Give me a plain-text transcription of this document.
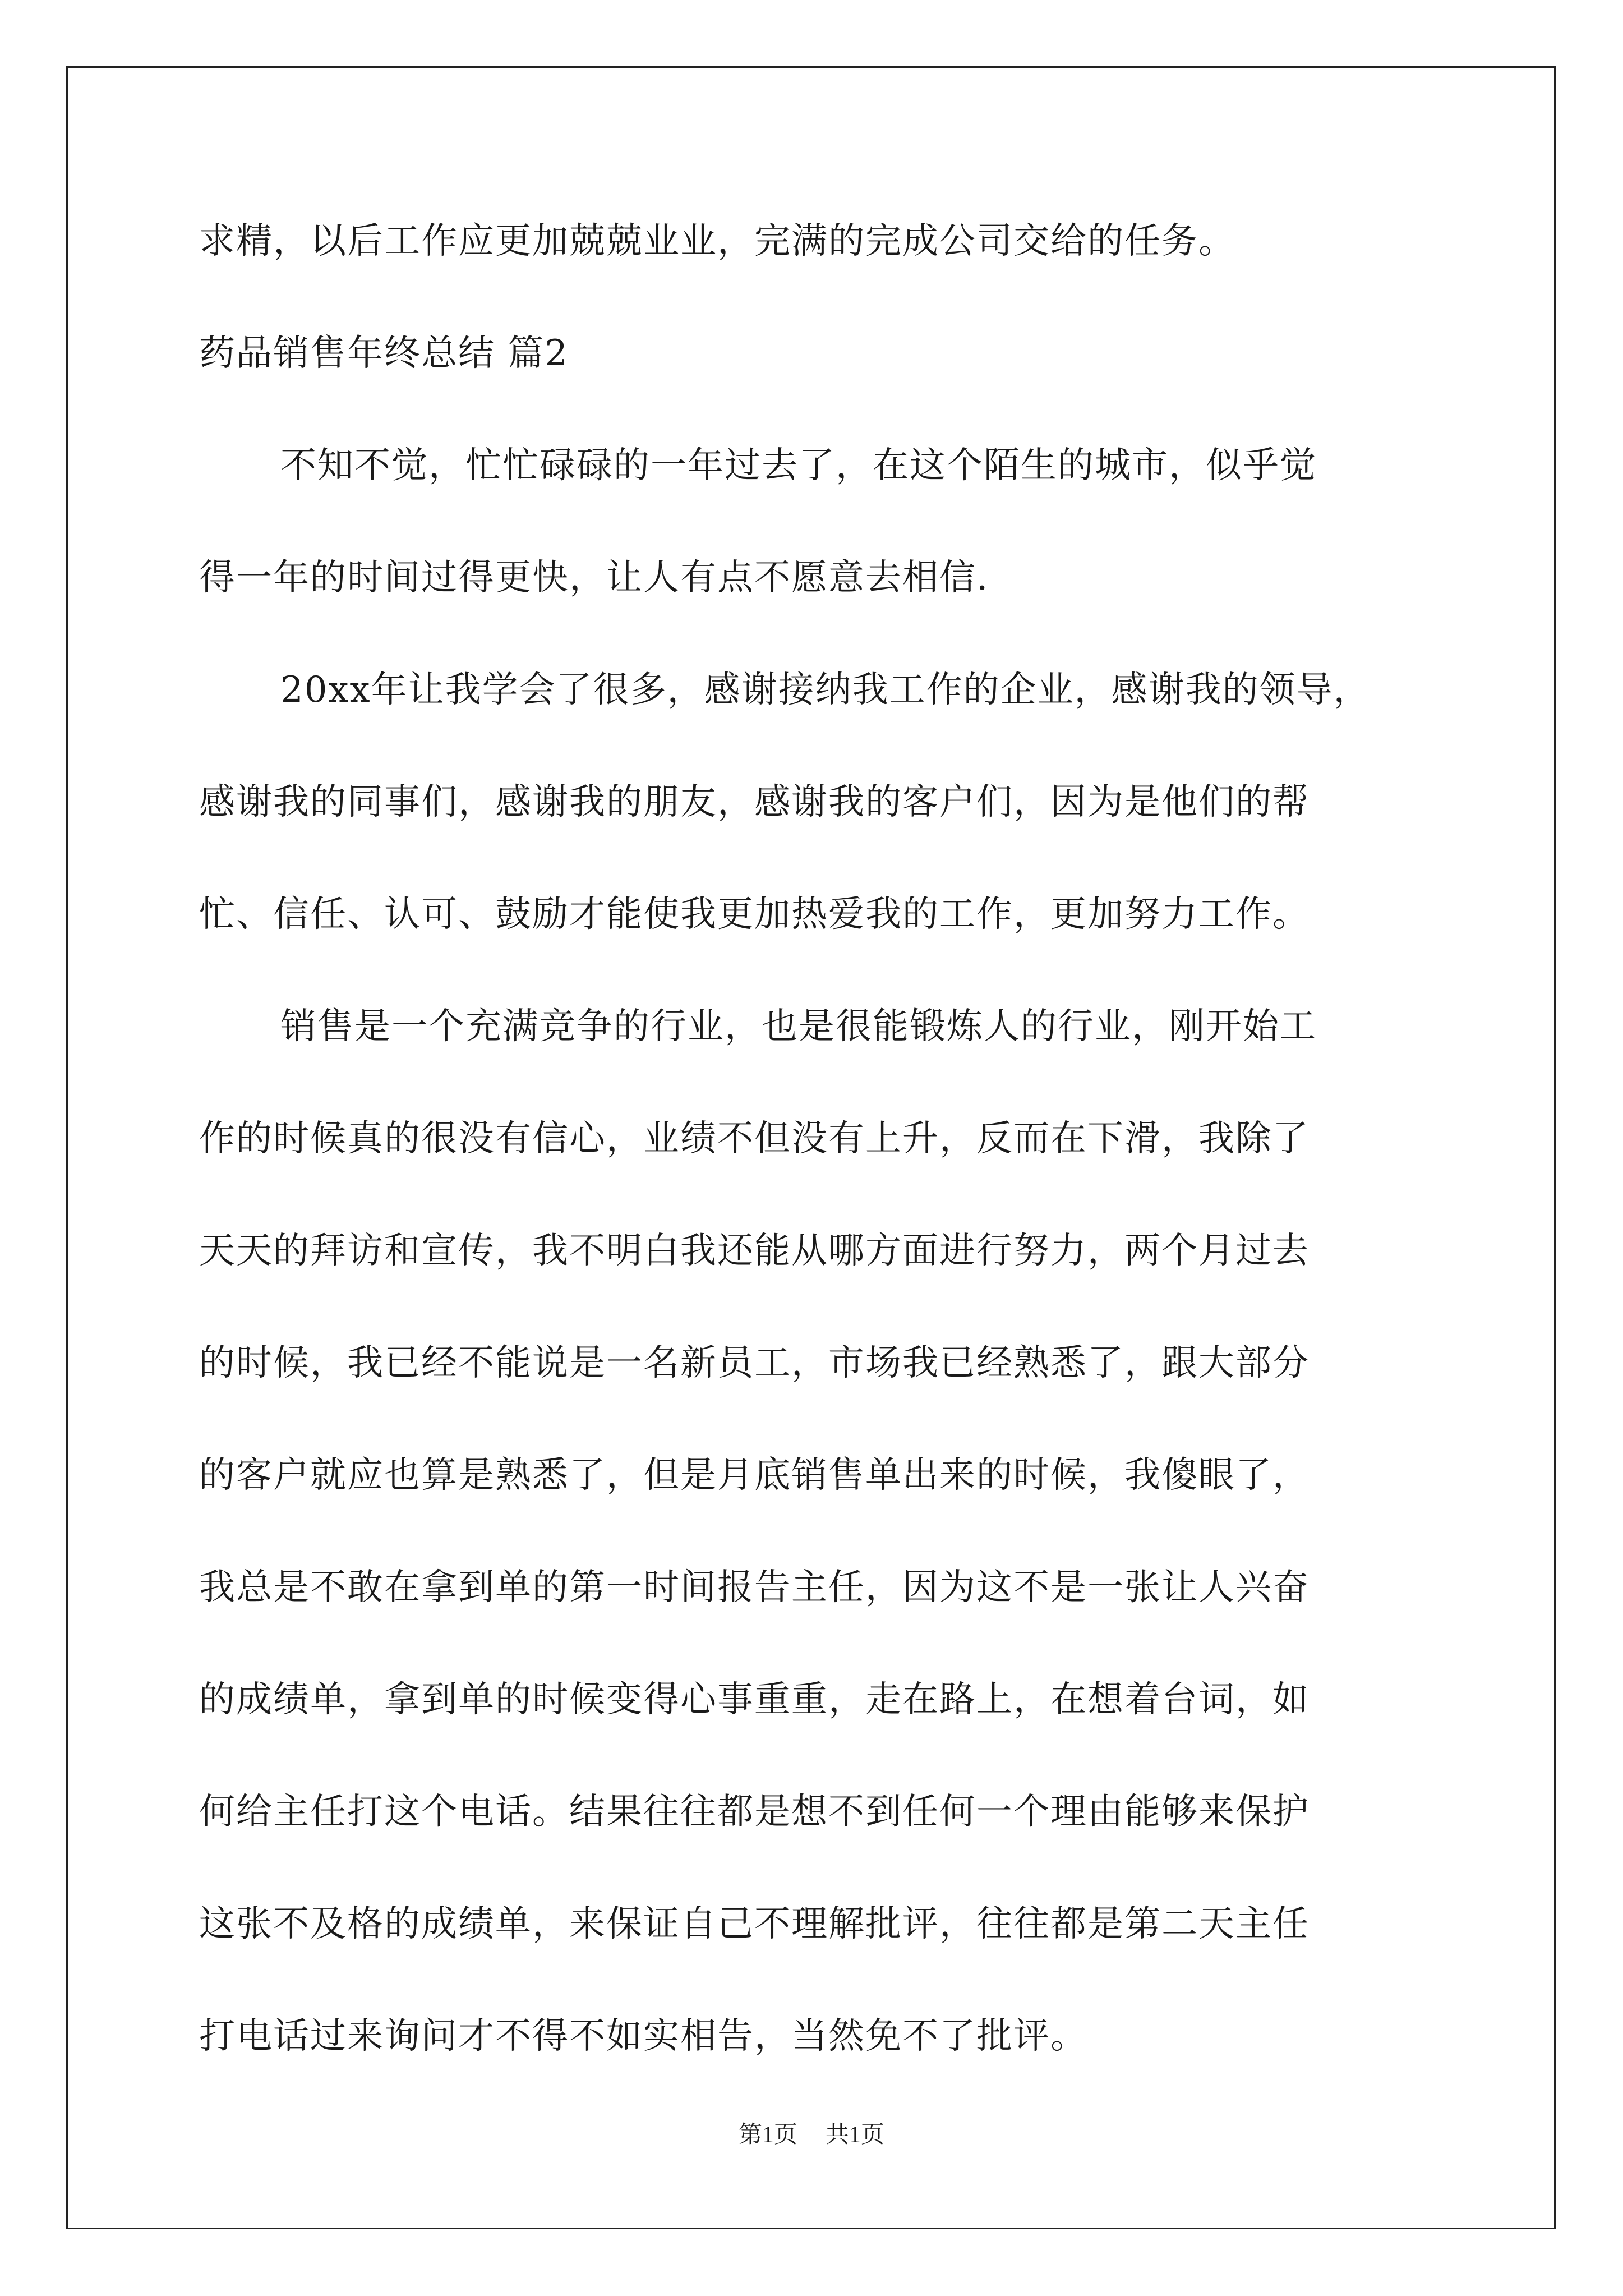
求精，以后工作应更加兢兢业业，完满的完成公司交给的任务。
药品销售年终总结 篇2
不知不觉，忙忙碌碌的一年过去了，在这个陌生的城市，似乎觉
得一年的时间过得更快，让人有点不愿意去相信.
20xx年让我学会了很多，感谢接纳我工作的企业，感谢我的领导，
感谢我的同事们，感谢我的朋友，感谢我的客户们，因为是他们的帮
忙、信任、认可、鼓励才能使我更加热爱我的工作，更加努力工作。
销售是一个充满竞争的行业，也是很能锻炼人的行业，刚开始工
作的时候真的很没有信心，业绩不但没有上升，反而在下滑，我除了
天天的拜访和宣传，我不明白我还能从哪方面进行努力，两个月过去
的时候，我已经不能说是一名新员工，市场我已经熟悉了，跟大部分
的客户就应也算是熟悉了，但是月底销售单出来的时候，我傻眼了，
我总是不敢在拿到单的第一时间报告主任，因为这不是一张让人兴奋
的成绩单，拿到单的时候变得心事重重，走在路上，在想着台词，如
何给主任打这个电话。结果往往都是想不到任何一个理由能够来保护
这张不及格的成绩单，来保证自己不理解批评，往往都是第二天主任
打电话过来询问才不得不如实相告，当然免不了批评。
第1页 共1页
